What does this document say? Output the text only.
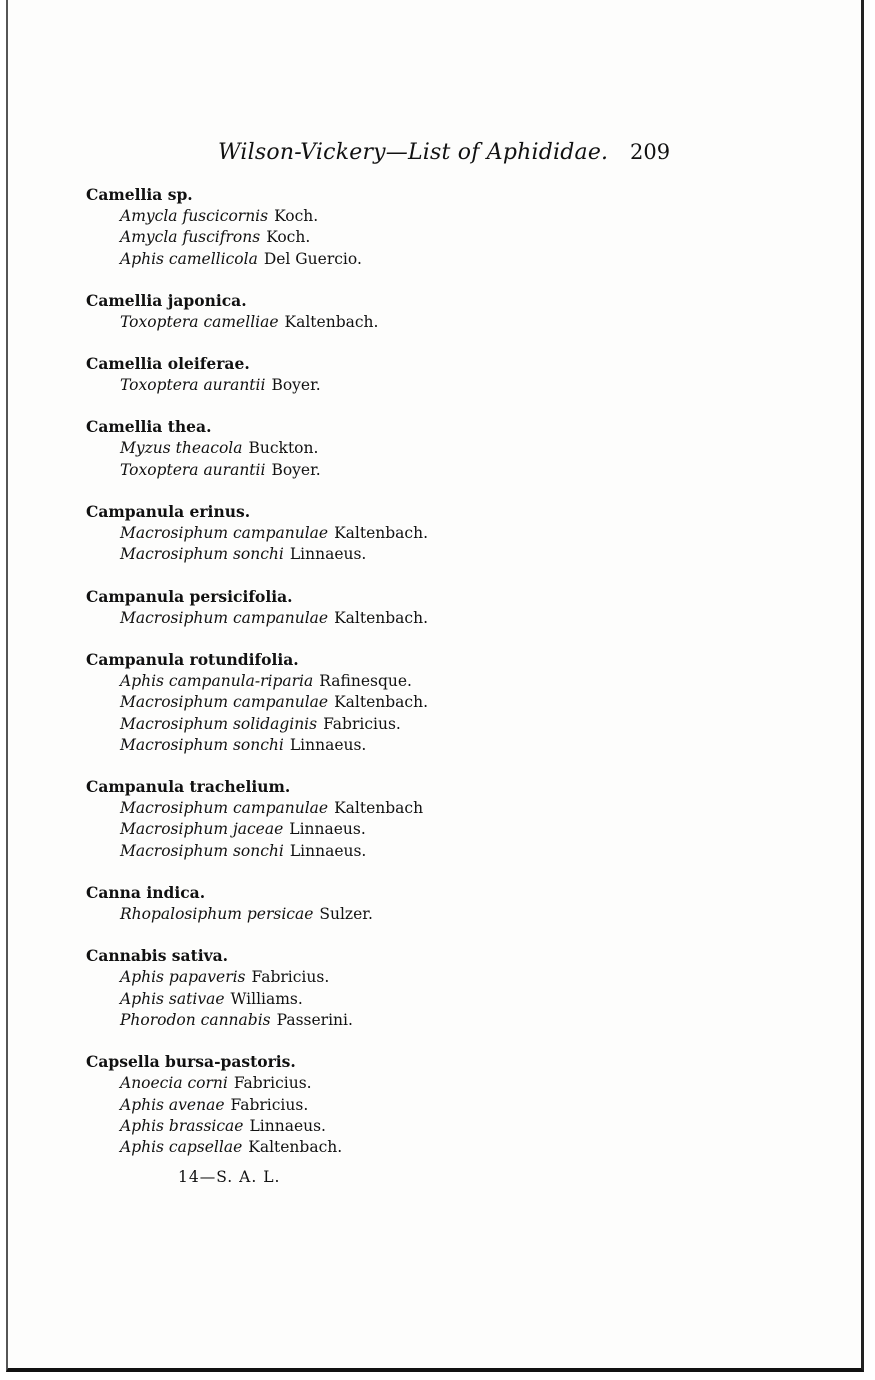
Wilson-Vickery—List of Aphididae. 209
Camellia sp.
Amycla fuscicornis Koch.
Amycla fuscifrons Koch.
Aphis camellicola Del Guercio.
Camellia japonica.
Toxoptera camelliae Kaltenbach.
Camellia oleiferae.
Toxoptera aurantii Boyer.
Camellia thea.
Myzus theacola Buckton.
Toxoptera aurantii Boyer.
Campanula erinus.
Macrosiphum campanulae Kaltenbach.
Macrosiphum sonchi Linnaeus.
Campanula persicifolia.
Macrosiphum campanulae Kaltenbach.
Campanula rotundifolia.
Aphis campanula-riparia Rafinesque.
Macrosiphum campanulae Kaltenbach.
Macrosiphum solidaginis Fabricius.
Macrosiphum sonchi Linnaeus.
Campanula trachelium.
Macrosiphum campanulae Kaltenbach
Macrosiphum jaceae Linnaeus.
Macrosiphum sonchi Linnaeus.
Canna indica.
Rhopalosiphum persicae Sulzer.
Cannabis sativa.
Aphis papaveris Fabricius.
Aphis sativae Williams.
Phorodon cannabis Passerini.
Capsella bursa-pastoris.
Anoecia corni Fabricius.
Aphis avenae Fabricius.
Aphis brassicae Linnaeus.
Aphis capsellae Kaltenbach.
14—S. A. L.
